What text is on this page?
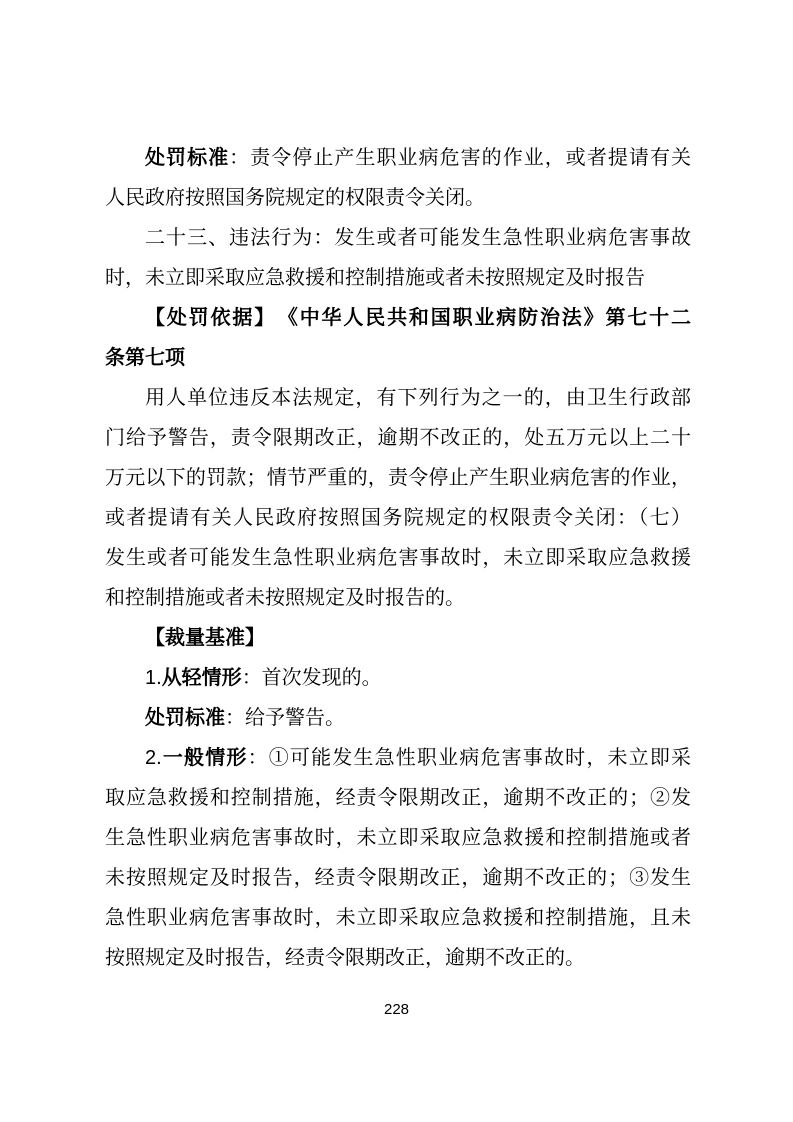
处罚标准：责令停止产生职业病危害的作业，或者提请有关
人民政府按照国务院规定的权限责令关闭。
二十三、违法行为：发生或者可能发生急性职业病危害事故
时，未立即采取应急救援和控制措施或者未按照规定及时报告
【处罚依据】　《中华人民共和国职业病防治法》第七十二
条第七项
用人单位违反本法规定，有下列行为之一的，由卫生行政部
门给予警告，责令限期改正，逾期不改正的，处五万元以上二十
万元以下的罚款；情节严重的，责令停止产生职业病危害的作业，
或者提请有关人民政府按照国务院规定的权限责令关闭：（七）
发生或者可能发生急性职业病危害事故时，未立即采取应急救援
和控制措施或者未按照规定及时报告的。
【裁量基准】
1.从轻情形：首次发现的。
处罚标准：给予警告。
2.一般情形：①可能发生急性职业病危害事故时，未立即采
取应急救援和控制措施，经责令限期改正，逾期不改正的；②发
生急性职业病危害事故时，未立即采取应急救援和控制措施或者
未按照规定及时报告，经责令限期改正，逾期不改正的；③发生
急性职业病危害事故时，未立即采取应急救援和控制措施，且未
按照规定及时报告，经责令限期改正，逾期不改正的。
228
